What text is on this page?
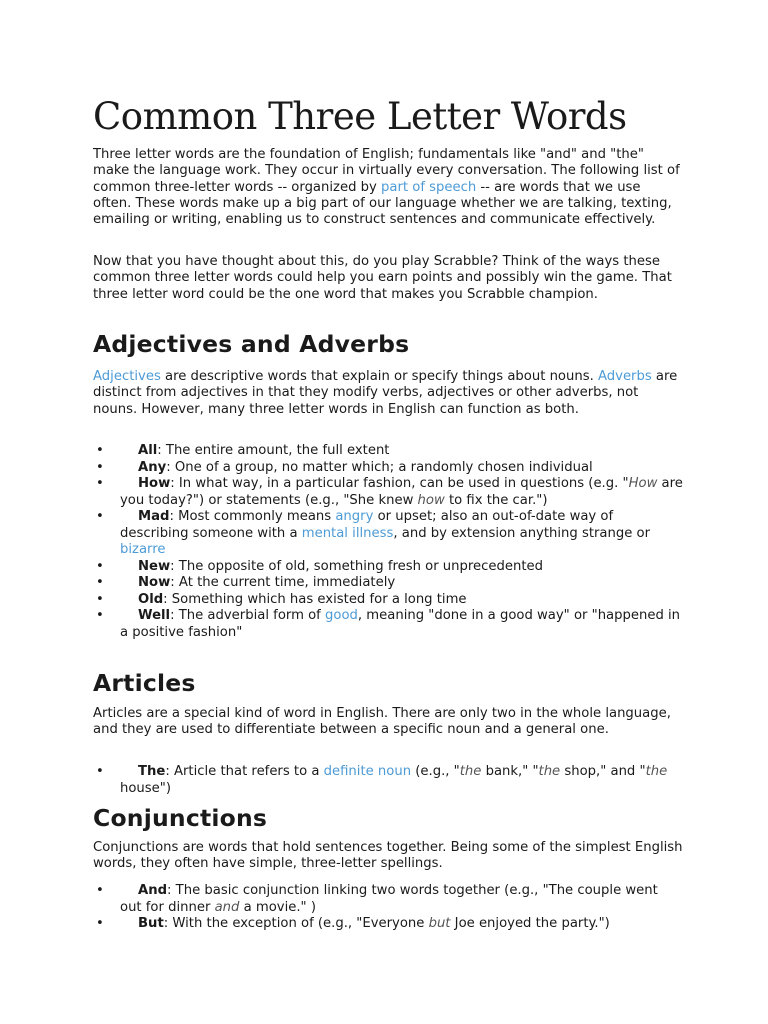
Common Three Letter Words

Three letter words are the foundation of English; fundamentals like "and" and "the" make the language work. They occur in virtually every conversation. The following list of common three-letter words -- organized by part of speech -- are words that we use often. These words make up a big part of our language whether we are talking, texting, emailing or writing, enabling us to construct sentences and communicate effectively.

Now that you have thought about this, do you play Scrabble? Think of the ways these common three letter words could help you earn points and possibly win the game. That three letter word could be the one word that makes you Scrabble champion.

Adjectives and Adverbs

Adjectives are descriptive words that explain or specify things about nouns. Adverbs are distinct from adjectives in that they modify verbs, adjectives or other adverbs, not nouns. However, many three letter words in English can function as both.

•	All: The entire amount, the full extent
•	Any: One of a group, no matter which; a randomly chosen individual
•	How: In what way, in a particular fashion, can be used in questions (e.g. "How are you today?") or statements (e.g., "She knew how to fix the car.")
•	Mad: Most commonly means angry or upset; also an out-of-date way of describing someone with a mental illness, and by extension anything strange or bizarre
•	New: The opposite of old, something fresh or unprecedented
•	Now: At the current time, immediately
•	Old: Something which has existed for a long time
•	Well: The adverbial form of good, meaning "done in a good way" or "happened in a positive fashion"
Articles

Articles are a special kind of word in English. There are only two in the whole language, and they are used to differentiate between a specific noun and a general one.

•	The: Article that refers to a definite noun (e.g., "the bank," "the shop," and "the house")
Conjunctions

Conjunctions are words that hold sentences together. Being some of the simplest English words, they often have simple, three-letter spellings.

•	And: The basic conjunction linking two words together (e.g., "The couple went out for dinner and a movie." )
•	But: With the exception of (e.g., "Everyone but Joe enjoyed the party.")
